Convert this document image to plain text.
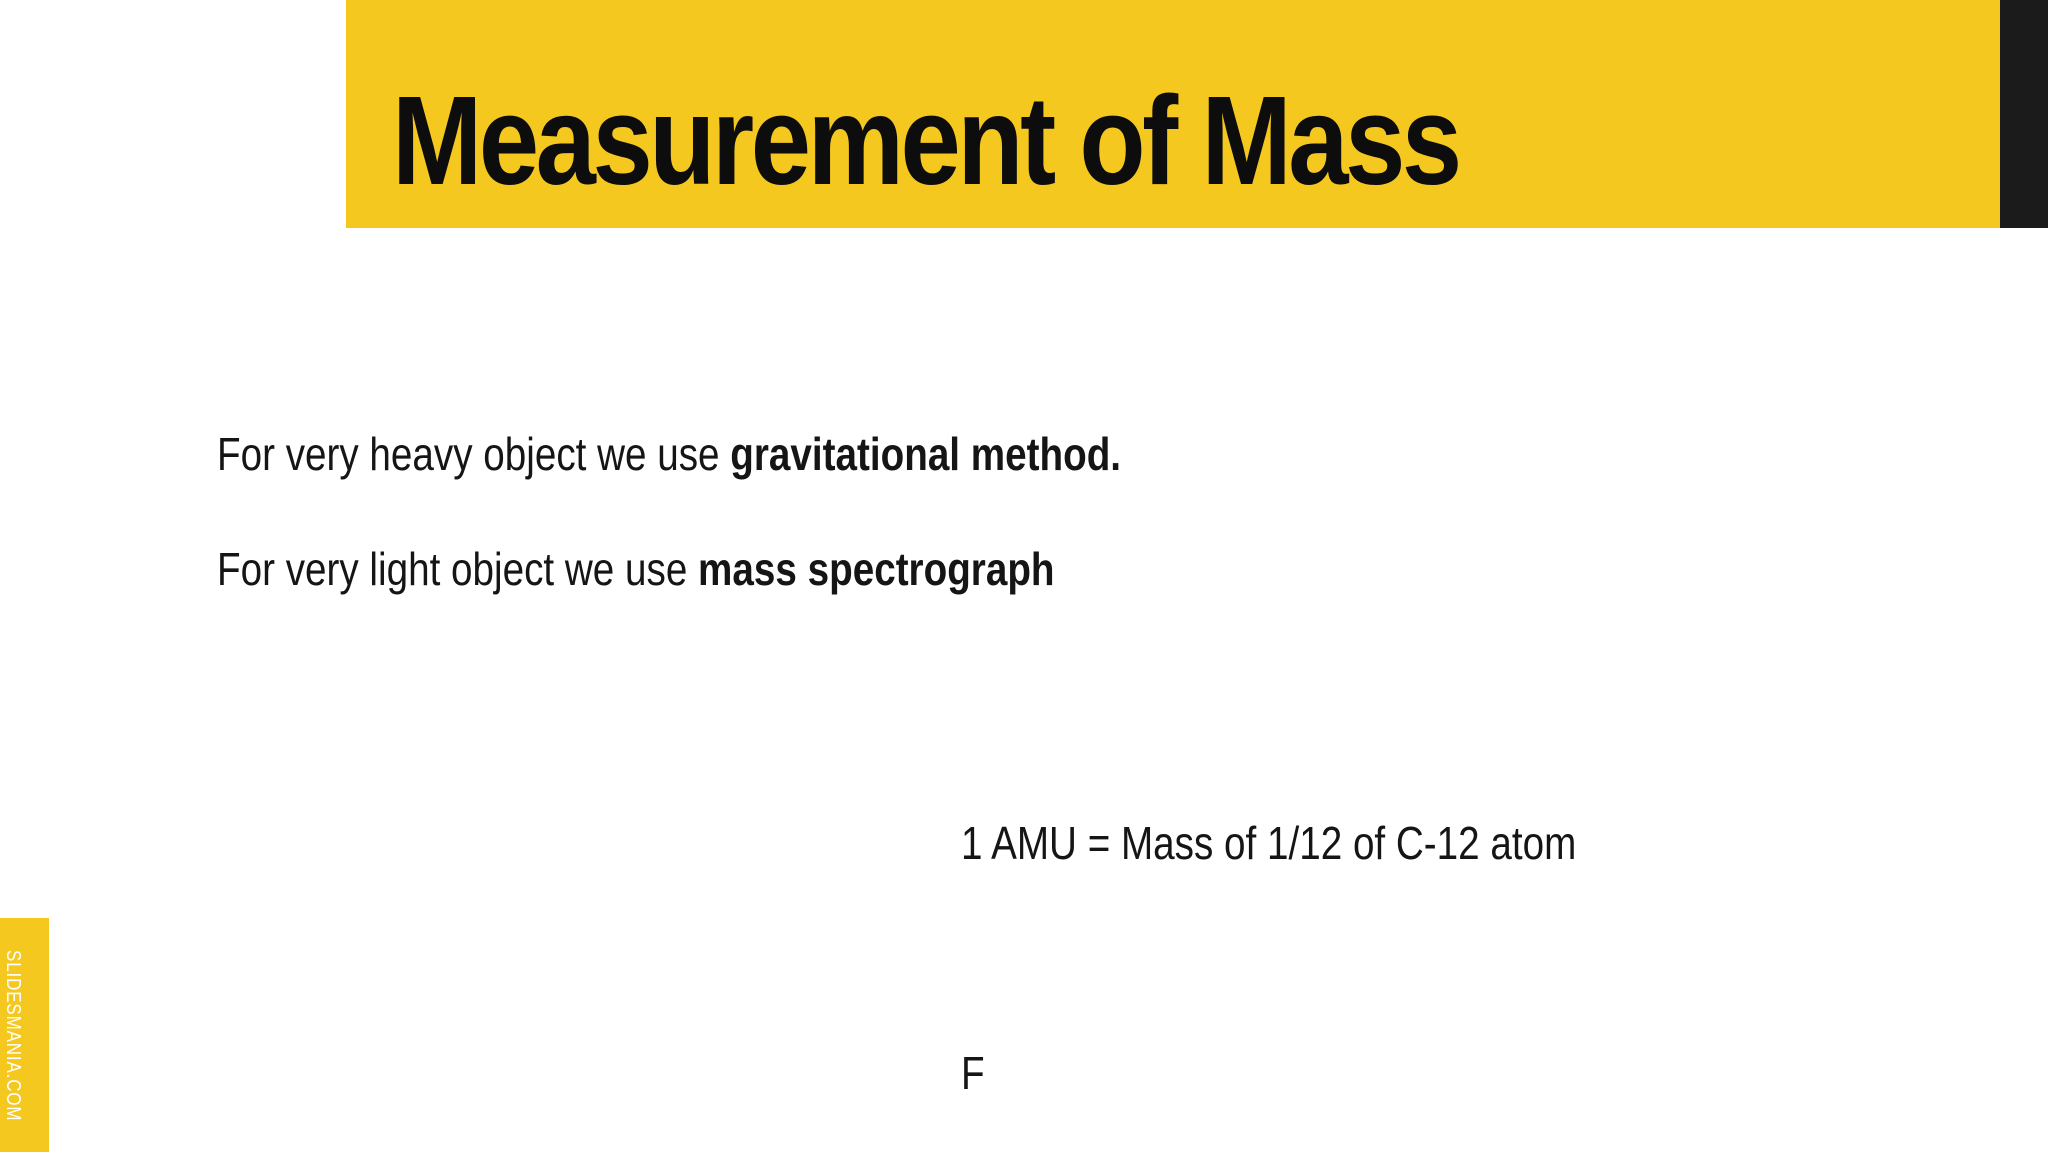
Measurement of Mass

For very heavy object we use gravitational method.

For very light object we use mass spectrograph

1 AMU = Mass of 1/12 of C-12 atom

F

SLIDESMANIA.COM
